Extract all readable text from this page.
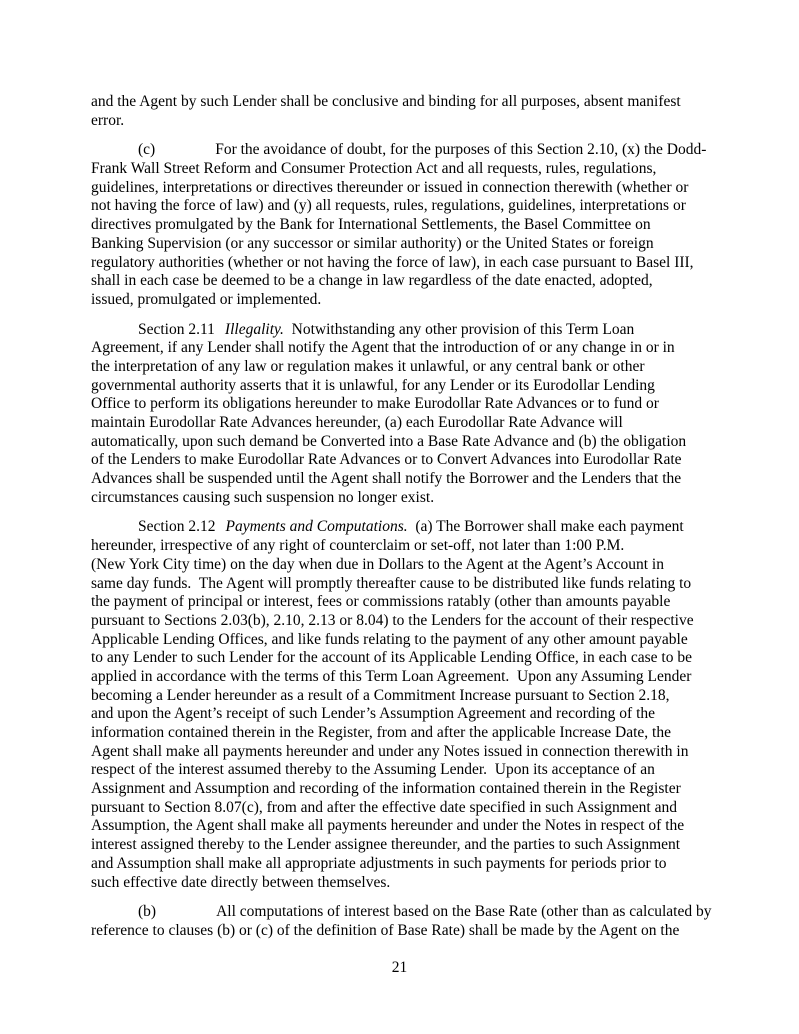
and the Agent by such Lender shall be conclusive and binding for all purposes, absent manifest
error.
(c)	For the avoidance of doubt, for the purposes of this Section 2.10, (x) the Dodd-
Frank Wall Street Reform and Consumer Protection Act and all requests, rules, regulations,
guidelines, interpretations or directives thereunder or issued in connection therewith (whether or
not having the force of law) and (y) all requests, rules, regulations, guidelines, interpretations or
directives promulgated by the Bank for International Settlements, the Basel Committee on
Banking Supervision (or any successor or similar authority) or the United States or foreign
regulatory authorities (whether or not having the force of law), in each case pursuant to Basel III,
shall in each case be deemed to be a change in law regardless of the date enacted, adopted,
issued, promulgated or implemented.
Section 2.11 Illegality.  Notwithstanding any other provision of this Term Loan
Agreement, if any Lender shall notify the Agent that the introduction of or any change in or in
the interpretation of any law or regulation makes it unlawful, or any central bank or other
governmental authority asserts that it is unlawful, for any Lender or its Eurodollar Lending
Office to perform its obligations hereunder to make Eurodollar Rate Advances or to fund or
maintain Eurodollar Rate Advances hereunder, (a) each Eurodollar Rate Advance will
automatically, upon such demand be Converted into a Base Rate Advance and (b) the obligation
of the Lenders to make Eurodollar Rate Advances or to Convert Advances into Eurodollar Rate
Advances shall be suspended until the Agent shall notify the Borrower and the Lenders that the
circumstances causing such suspension no longer exist.
Section 2.12 Payments and Computations.  (a) The Borrower shall make each payment
hereunder, irrespective of any right of counterclaim or set-off, not later than 1:00 P.M.
(New York City time) on the day when due in Dollars to the Agent at the Agent’s Account in
same day funds.  The Agent will promptly thereafter cause to be distributed like funds relating to
the payment of principal or interest, fees or commissions ratably (other than amounts payable
pursuant to Sections 2.03(b), 2.10, 2.13 or 8.04) to the Lenders for the account of their respective
Applicable Lending Offices, and like funds relating to the payment of any other amount payable
to any Lender to such Lender for the account of its Applicable Lending Office, in each case to be
applied in accordance with the terms of this Term Loan Agreement.  Upon any Assuming Lender
becoming a Lender hereunder as a result of a Commitment Increase pursuant to Section 2.18,
and upon the Agent’s receipt of such Lender’s Assumption Agreement and recording of the
information contained therein in the Register, from and after the applicable Increase Date, the
Agent shall make all payments hereunder and under any Notes issued in connection therewith in
respect of the interest assumed thereby to the Assuming Lender.  Upon its acceptance of an
Assignment and Assumption and recording of the information contained therein in the Register
pursuant to Section 8.07(c), from and after the effective date specified in such Assignment and
Assumption, the Agent shall make all payments hereunder and under the Notes in respect of the
interest assigned thereby to the Lender assignee thereunder, and the parties to such Assignment
and Assumption shall make all appropriate adjustments in such payments for periods prior to
such effective date directly between themselves.
(b)	All computations of interest based on the Base Rate (other than as calculated by
reference to clauses (b) or (c) of the definition of Base Rate) shall be made by the Agent on the
21
